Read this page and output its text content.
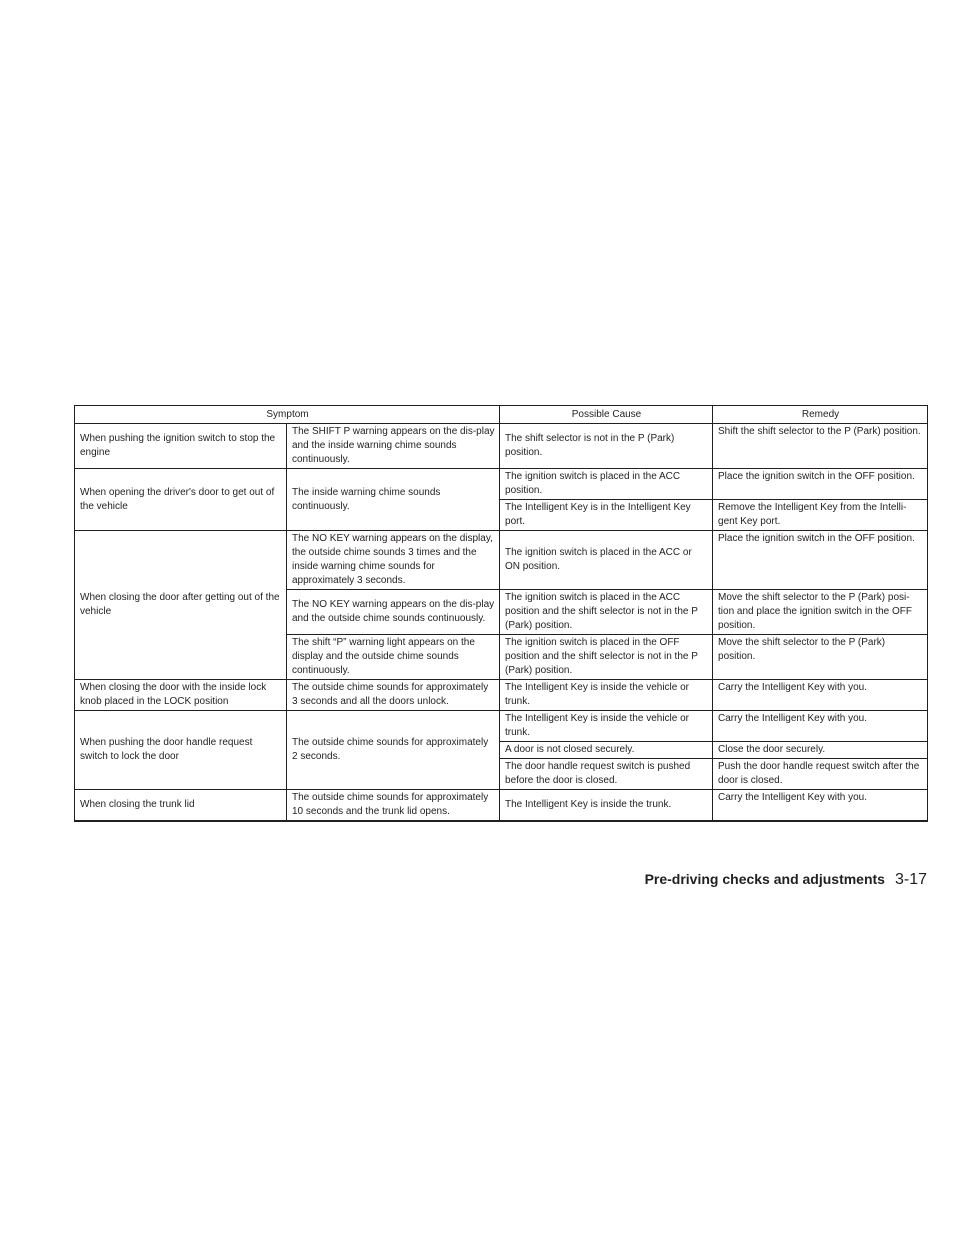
Symptom		Possible Cause	Remedy
When pushing the ignition switch to stop the engine	The SHIFT P warning appears on the dis-play and the inside warning chime sounds continuously.	The shift selector is not in the P (Park) position.	Shift the shift selector to the P (Park) position.
When opening the driver's door to get out of the vehicle	The inside warning chime sounds continuously.	The ignition switch is placed in the ACC position.	Place the ignition switch in the OFF position.
		The Intelligent Key is in the Intelligent Key port.	Remove the Intelligent Key from the Intelli-gent Key port.
When closing the door after getting out of the vehicle	The NO KEY warning appears on the display, the outside chime sounds 3 times and the inside warning chime sounds for approximately 3 seconds.	The ignition switch is placed in the ACC or ON position.	Place the ignition switch in the OFF position.
	The NO KEY warning appears on the dis-play and the outside chime sounds continuously.	The ignition switch is placed in the ACC position and the shift selector is not in the P (Park) position.	Move the shift selector to the P (Park) posi-tion and place the ignition switch in the OFF position.
	The shift “P” warning light appears on the display and the outside chime sounds continuously.	The ignition switch is placed in the OFF position and the shift selector is not in the P (Park) position.	Move the shift selector to the P (Park) position.
When closing the door with the inside lock knob placed in the LOCK position	The outside chime sounds for approximately 3 seconds and all the doors unlock.	The Intelligent Key is inside the vehicle or trunk.	Carry the Intelligent Key with you.
When pushing the door handle request switch to lock the door	The outside chime sounds for approximately 2 seconds.	The Intelligent Key is inside the vehicle or trunk.	Carry the Intelligent Key with you.
		A door is not closed securely.	Close the door securely.
		The door handle request switch is pushed before the door is closed.	Push the door handle request switch after the door is closed.
When closing the trunk lid	The outside chime sounds for approximately 10 seconds and the trunk lid opens.	The Intelligent Key is inside the trunk.	Carry the Intelligent Key with you.
Pre-driving checks and adjustments 3-17
